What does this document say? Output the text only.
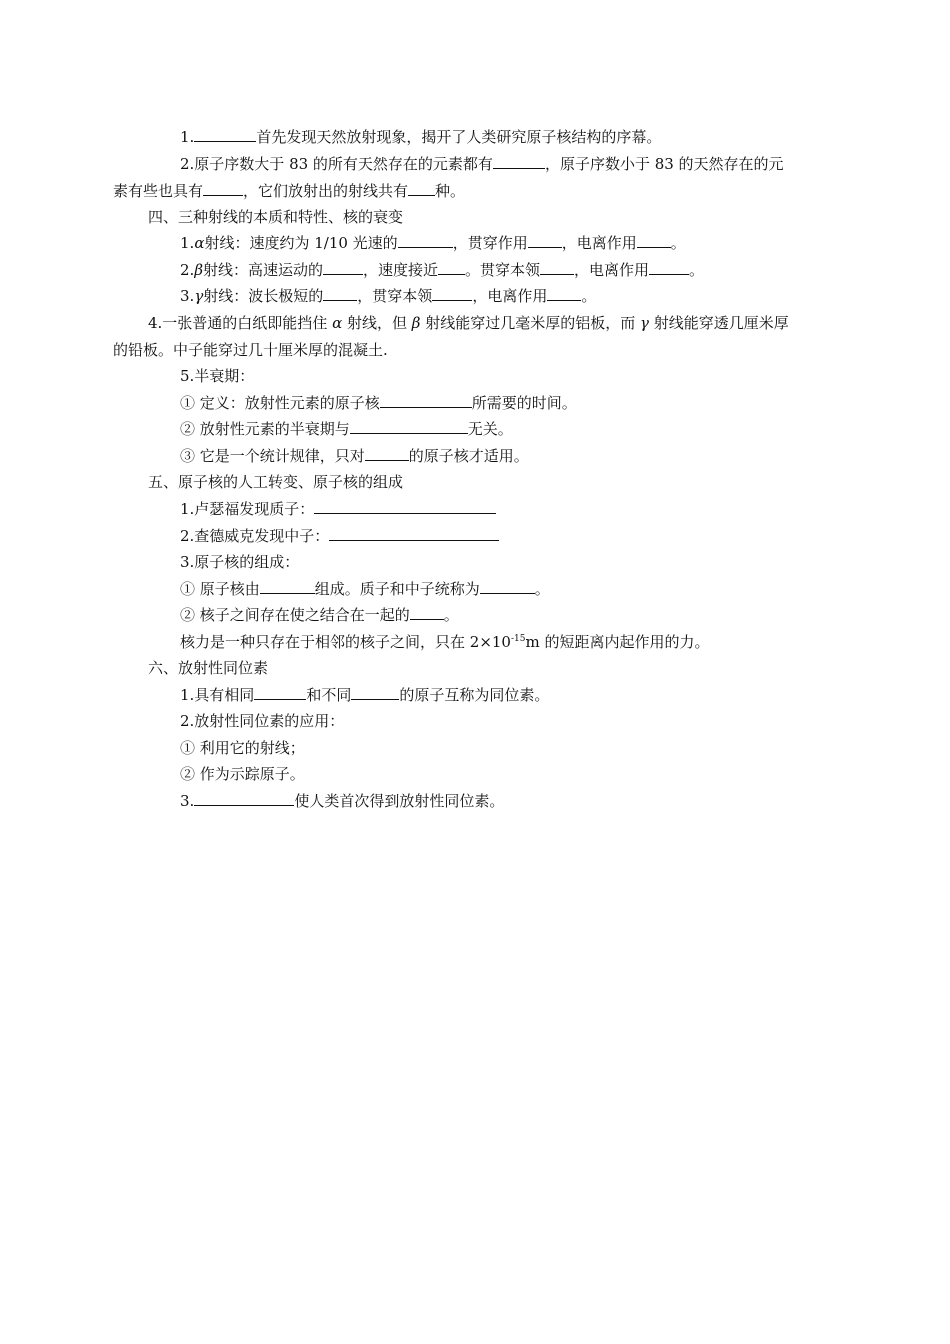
1.	首先发现天然放射现象，揭开了人类研究原子核结构的序幕。
2.原子序数大于 83 的所有天然存在的元素都有	，原子序数小于 83 的天然存在的元
素有些也具有	，它们放射出的射线共有 种。
四、三种射线的本质和特性、核的衰变
1.α射线：速度约为 1/10 光速的	，贯穿作用 ，电离作用 。
2.β射线：高速运动的	，速度接近 。贯穿本领 ，电离作用	。
3.γ射线：波长极短的 ，贯穿本领	，电离作用 。
4.一张普通的白纸即能挡住 α 射线，但 β 射线能穿过几毫米厚的铝板，而 γ 射线能穿透几厘米厚
的铅板。中子能穿过几十厘米厚的混凝土.
5.半衰期：
① 定义：放射性元素的原子核	所需要的时间。
② 放射性元素的半衰期与	无关。
③ 它是一个统计规律，只对	的原子核才适用。
五、原子核的人工转变、原子核的组成
1.卢瑟福发现质子：
2.查德威克发现中子：
3.原子核的组成：
① 原子核由	组成。质子和中子统称为	。
② 核子之间存在使之结合在一起的 。
核力是一种只存在于相邻的核子之间，只在 $2\times 10^{-15}m$ 的短距离内起作用的力。
六、放射性同位素
1.具有相同	和不同	的原子互称为同位素。
2.放射性同位素的应用：
① 利用它的射线；
② 作为示踪原子。
3.	使人类首次得到放射性同位素。
